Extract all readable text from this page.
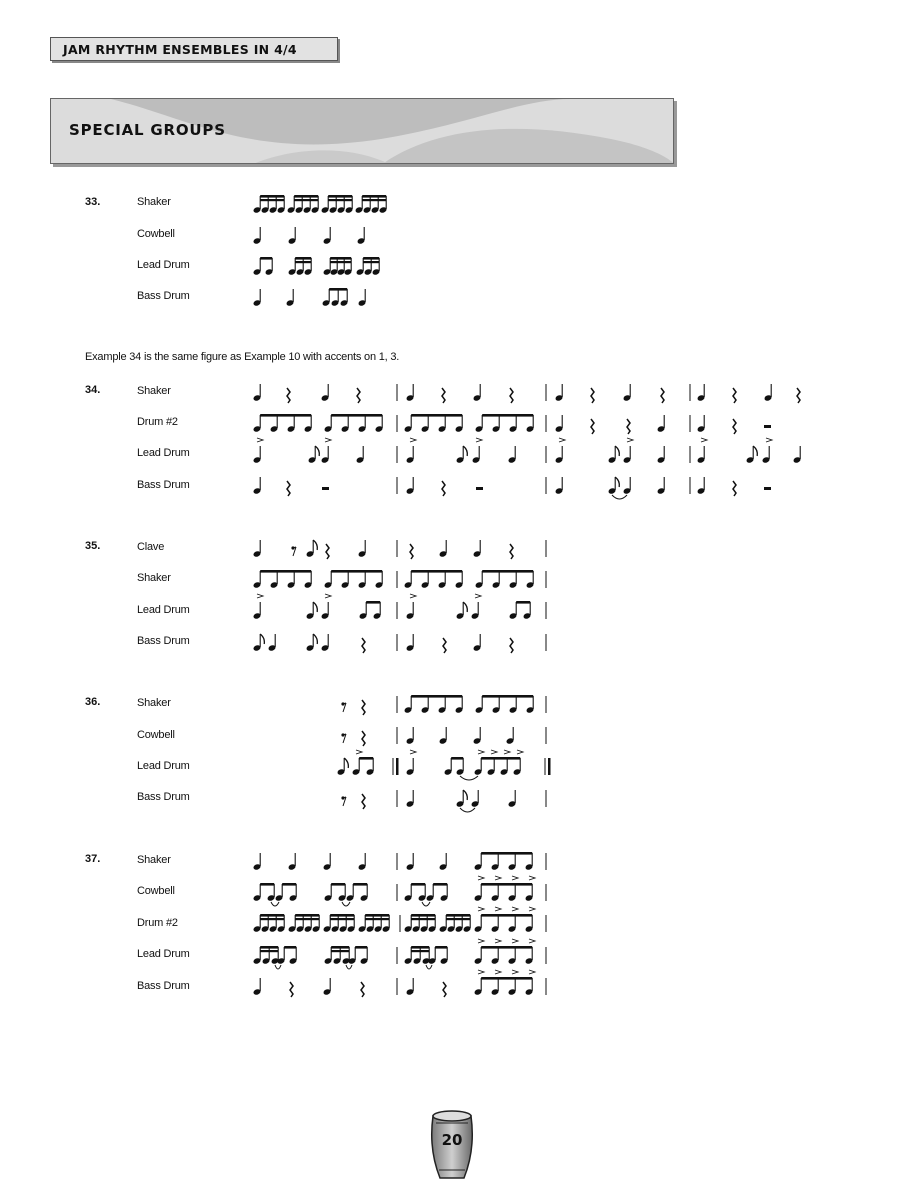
JAM RHYTHM ENSEMBLES IN 4/4
SPECIAL GROUPS
33.	Shaker
Cowbell
Lead Drum
Bass Drum
Example 34 is the same figure as Example 10 with accents on 1, 3.
34.	Shaker
Drum #2
Lead Drum
Bass Drum
35.	Clave
Shaker
Lead Drum
Bass Drum
36.	Shaker
Cowbell
Lead Drum
Bass Drum
37.	Shaker
Cowbell
Drum #2
Lead Drum
Bass Drum
20
